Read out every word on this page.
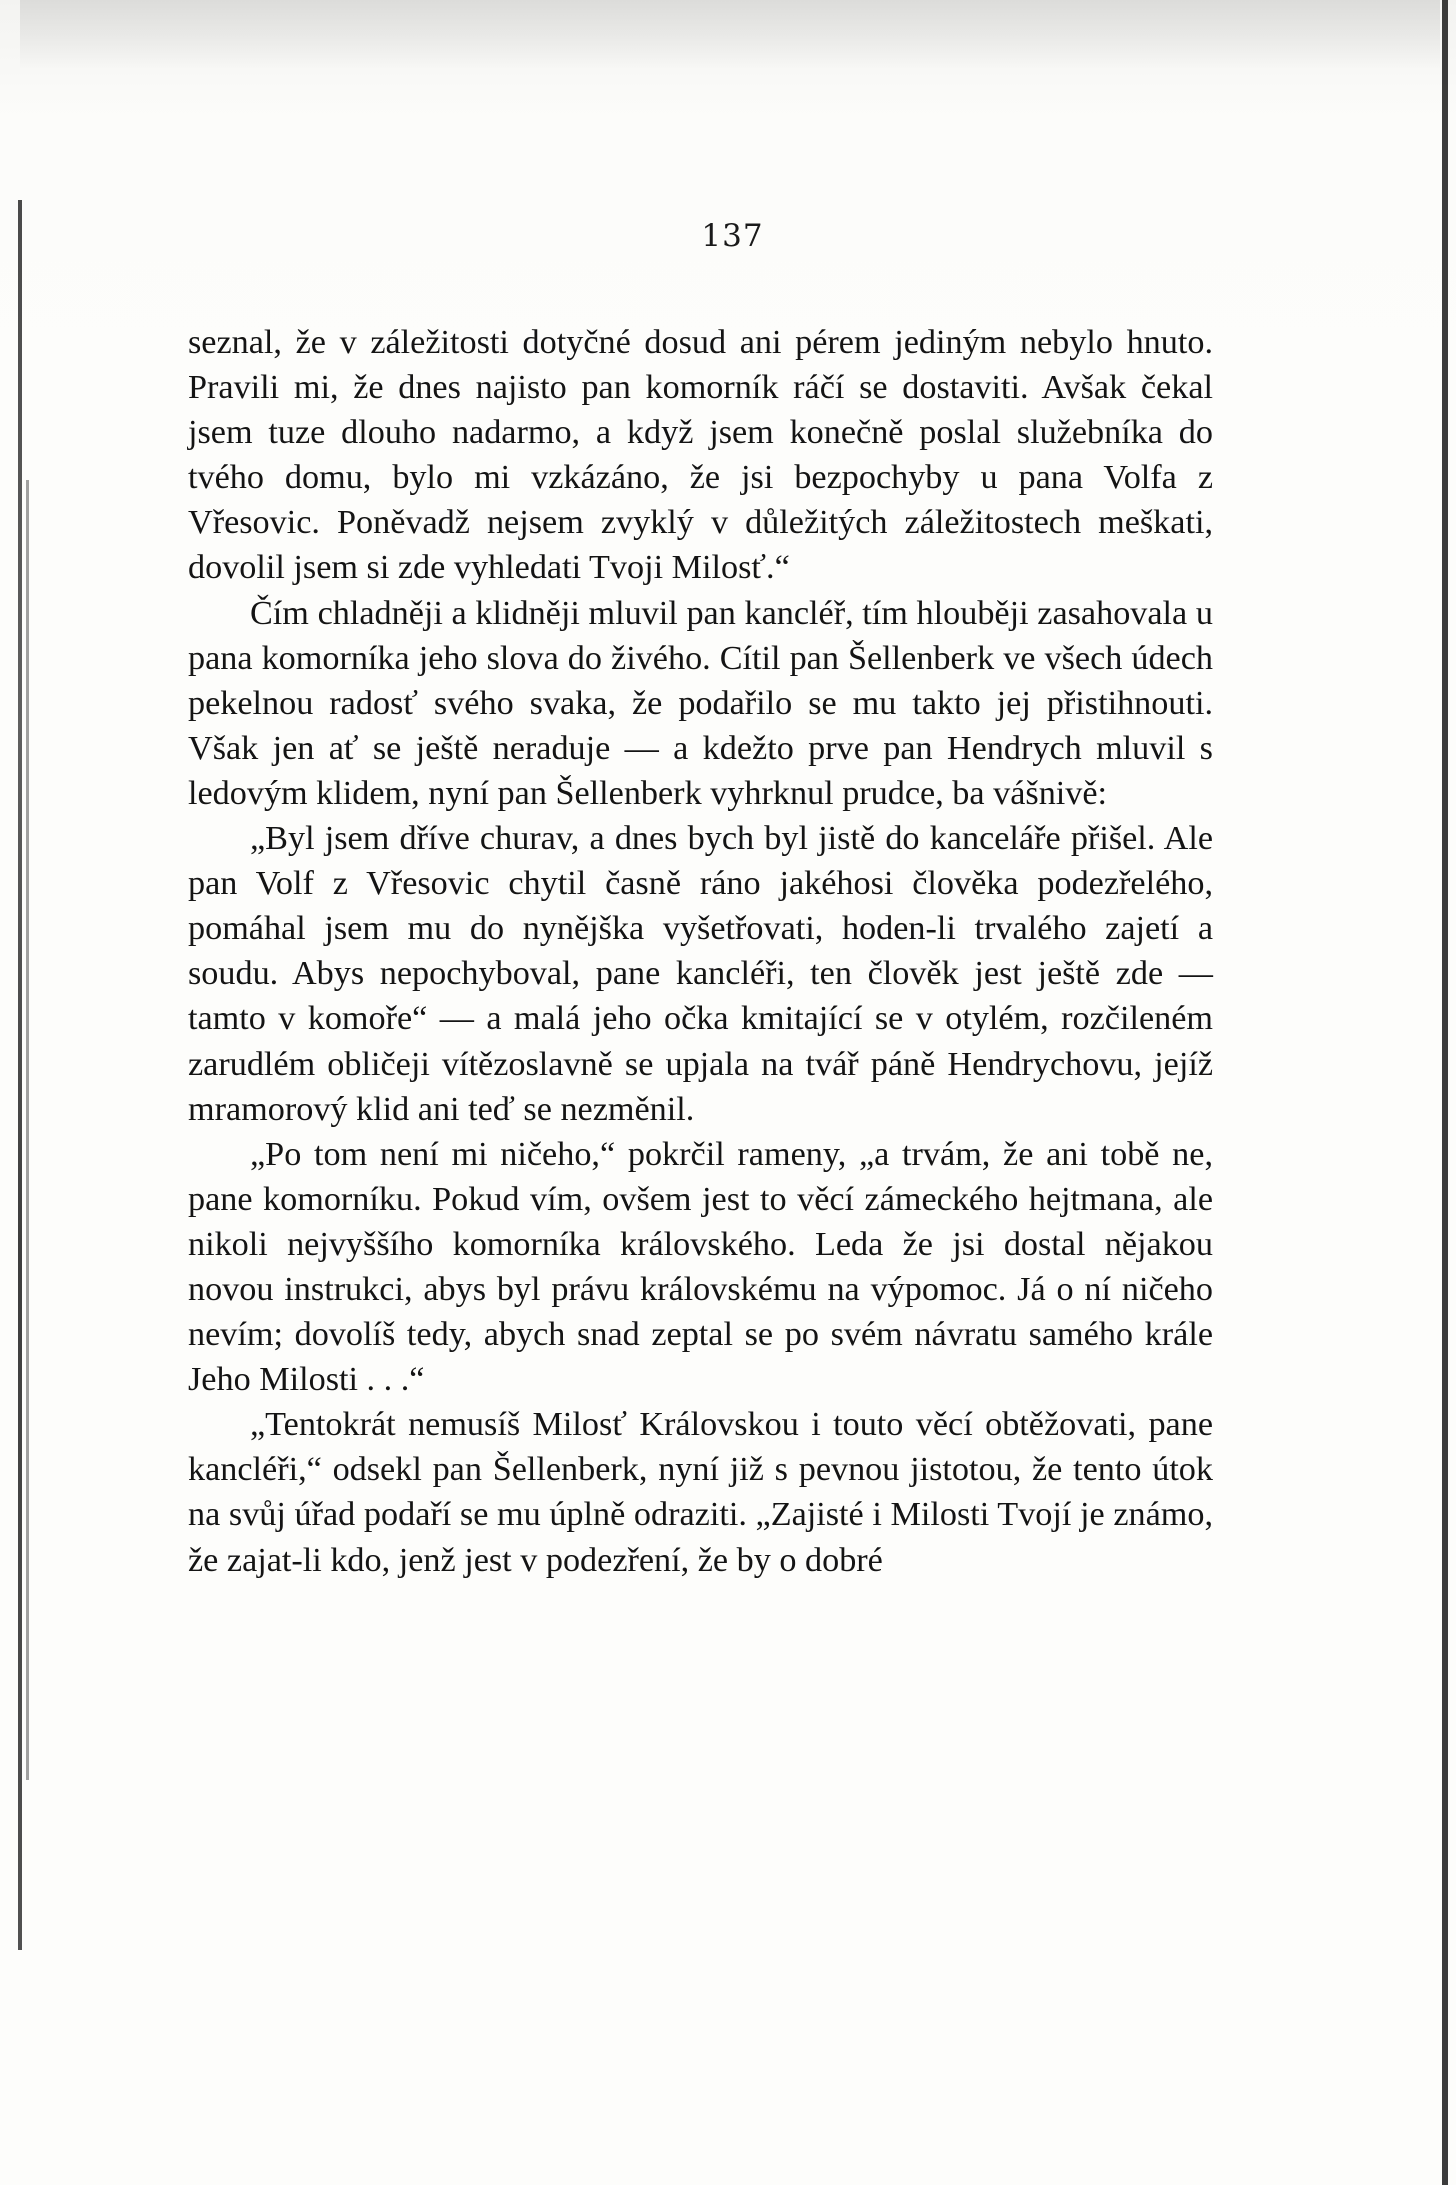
137

seznal, že v záležitosti dotyčné dosud ani pérem jediným nebylo hnuto. Pravili mi, že dnes najisto pan komorník ráčí se dostaviti. Avšak čekal jsem tuze dlouho nadarmo, a když jsem konečně poslal služebníka do tvého domu, bylo mi vzkázáno, že jsi bezpochyby u pana Volfa z Vřesovic. Poněvadž nejsem zvyklý v důležitých záležitostech meškati, dovolil jsem si zde vyhledati Tvoji Milosť.“

Čím chladněji a klidněji mluvil pan kancléř, tím hlouběji zasahovala u pana komorníka jeho slova do živého. Cítil pan Šellenberk ve všech údech pekelnou radosť svého svaka, že podařilo se mu takto jej přistihnouti. Však jen ať se ještě neraduje — a kdežto prve pan Hendrych mluvil s ledovým klidem, nyní pan Šellenberk vyhrknul prudce, ba vášnivě:

„Byl jsem dříve churav, a dnes bych byl jistě do kanceláře přišel. Ale pan Volf z Vřesovic chytil časně ráno jakéhosi člověka podezřelého, pomáhal jsem mu do nynějška vyšetřovati, hoden-li trvalého zajetí a soudu. Abys nepochyboval, pane kancléři, ten člověk jest ještě zde — tamto v komoře“ — a malá jeho očka kmitající se v otylém, rozčileném zarudlém obličeji vítězoslavně se upjala na tvář páně Hendrychovu, jejíž mramorový klid ani teď se nezměnil.

„Po tom není mi ničeho,“ pokrčil rameny, „a trvám, že ani tobě ne, pane komorníku. Pokud vím, ovšem jest to věcí zámeckého hejtmana, ale nikoli nejvyššího komorníka královského. Leda že jsi dostal nějakou novou instrukci, abys byl právu královskému na výpomoc. Já o ní ničeho nevím; dovolíš tedy, abych snad zeptal se po svém návratu samého krále Jeho Milosti . . .“

„Tentokrát nemusíš Milosť Královskou i touto věcí obtěžovati, pane kancléři,“ odsekl pan Šellenberk, nyní již s pevnou jistotou, že tento útok na svůj úřad podaří se mu úplně odraziti. „Zajisté i Milosti Tvojí je známo, že zajat-li kdo, jenž jest v podezření, že by o dobré
